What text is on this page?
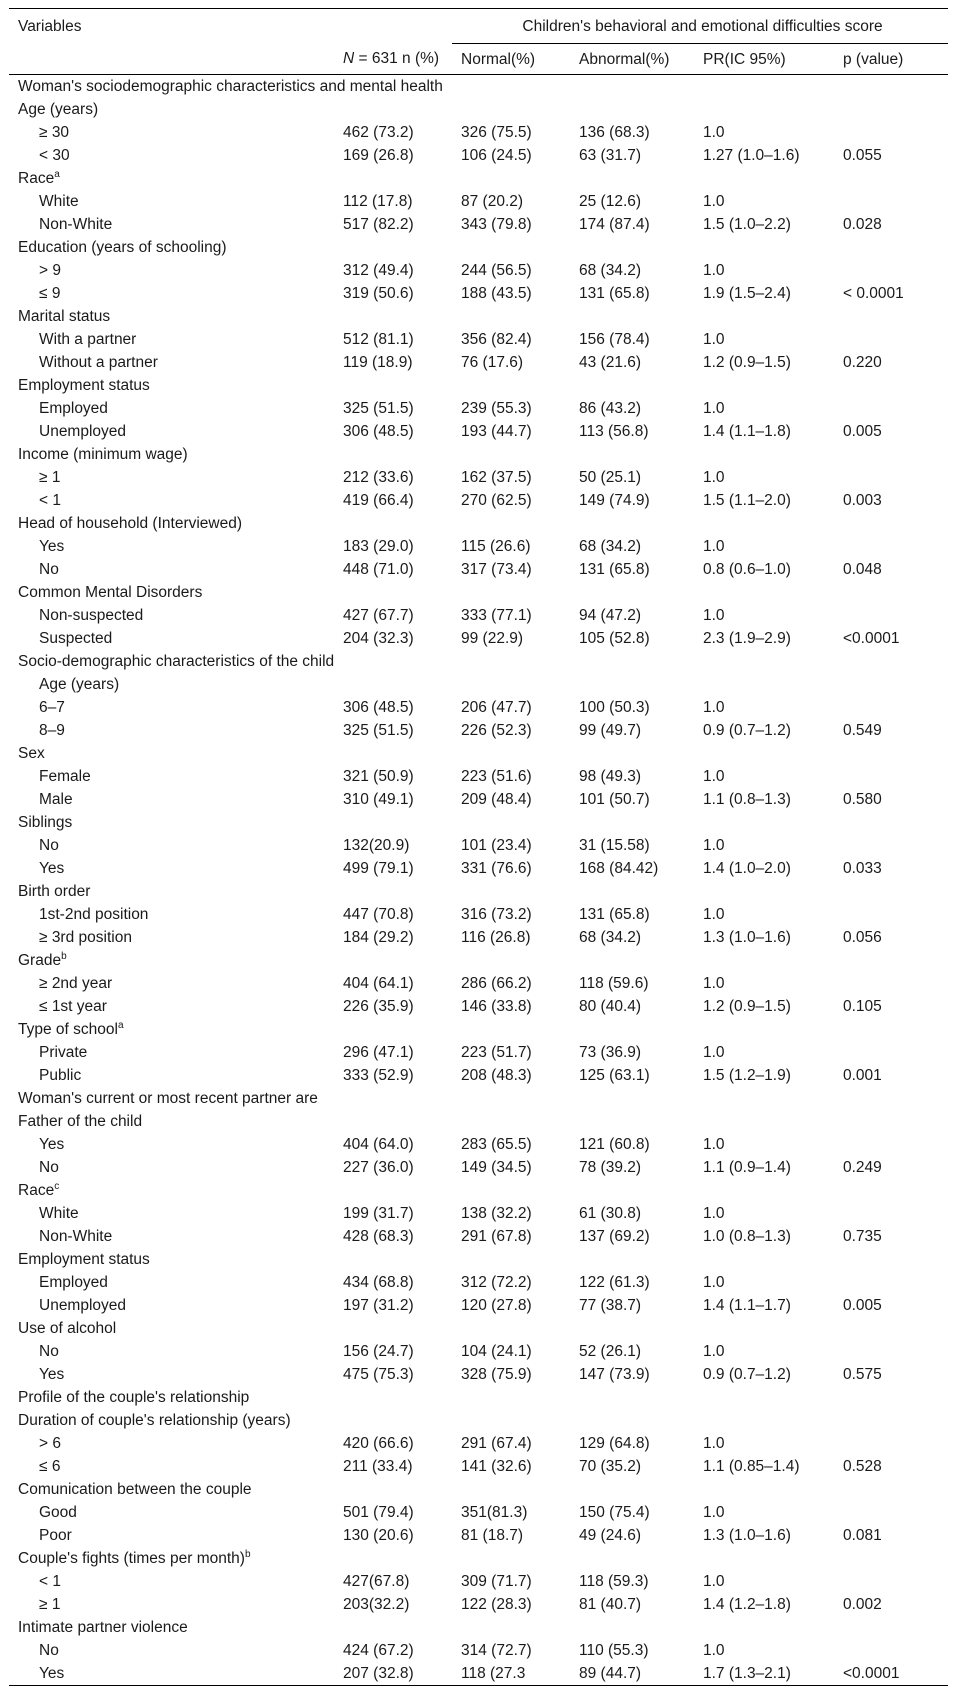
Variables		Children's behavioral and emotional difficulties score			
	N = 631 n (%)	Normal(%)	Abnormal(%)	PR(IC 95%)	p (value)
Woman's sociodemographic characteristics and mental health					
Age (years)					
≥ 30	462 (73.2)	326 (75.5)	136 (68.3)	1.0	
< 30	169 (26.8)	106 (24.5)	63 (31.7)	1.27 (1.0–1.6)	0.055
Race$^a$
White	112 (17.8)	87 (20.2)	25 (12.6)	1.0	
Non-White	517 (82.2)	343 (79.8)	174 (87.4)	1.5 (1.0–2.2)	0.028
Education (years of schooling)					
> 9	312 (49.4)	244 (56.5)	68 (34.2)	1.0	
≤ 9	319 (50.6)	188 (43.5)	131 (65.8)	1.9 (1.5–2.4)	< 0.0001
Marital status					
With a partner	512 (81.1)	356 (82.4)	156 (78.4)	1.0	
Without a partner	119 (18.9)	76 (17.6)	43 (21.6)	1.2 (0.9–1.5)	0.220
Employment status					
Employed	325 (51.5)	239 (55.3)	86 (43.2)	1.0	
Unemployed	306 (48.5)	193 (44.7)	113 (56.8)	1.4 (1.1–1.8)	0.005
Income (minimum wage)					
≥ 1	212 (33.6)	162 (37.5)	50 (25.1)	1.0	
< 1	419 (66.4)	270 (62.5)	149 (74.9)	1.5 (1.1–2.0)	0.003
Head of household (Interviewed)					
Yes	183 (29.0)	115 (26.6)	68 (34.2)	1.0	
No	448 (71.0)	317 (73.4)	131 (65.8)	0.8 (0.6–1.0)	0.048
Common Mental Disorders					
Non-suspected	427 (67.7)	333 (77.1)	94 (47.2)	1.0	
Suspected	204 (32.3)	99 (22.9)	105 (52.8)	2.3 (1.9–2.9)	<0.0001
Socio-demographic characteristics of the child					
Age (years)					
6–7	306 (48.5)	206 (47.7)	100 (50.3)	1.0	
8–9	325 (51.5)	226 (52.3)	99 (49.7)	0.9 (0.7–1.2)	0.549
Sex					
Female	321 (50.9)	223 (51.6)	98 (49.3)	1.0	
Male	310 (49.1)	209 (48.4)	101 (50.7)	1.1 (0.8–1.3)	0.580
Siblings					
No	132(20.9)	101 (23.4)	31 (15.58)	1.0	
Yes	499 (79.1)	331 (76.6)	168 (84.42)	1.4 (1.0–2.0)	0.033
Birth order					
1st-2nd position	447 (70.8)	316 (73.2)	131 (65.8)	1.0	
≥ 3rd position	184 (29.2)	116 (26.8)	68 (34.2)	1.3 (1.0–1.6)	0.056
Grade$^b$
≥ 2nd year	404 (64.1)	286 (66.2)	118 (59.6)	1.0	
≤ 1st year	226 (35.9)	146 (33.8)	80 (40.4)	1.2 (0.9–1.5)	0.105
Type of school$^a$
Private	296 (47.1)	223 (51.7)	73 (36.9)	1.0	
Public	333 (52.9)	208 (48.3)	125 (63.1)	1.5 (1.2–1.9)	0.001
Woman's current or most recent partner are					
Father of the child					
Yes	404 (64.0)	283 (65.5)	121 (60.8)	1.0	
No	227 (36.0)	149 (34.5)	78 (39.2)	1.1 (0.9–1.4)	0.249
Race$^c$
White	199 (31.7)	138 (32.2)	61 (30.8)	1.0	
Non-White	428 (68.3)	291 (67.8)	137 (69.2)	1.0 (0.8–1.3)	0.735
Employment status					
Employed	434 (68.8)	312 (72.2)	122 (61.3)	1.0	
Unemployed	197 (31.2)	120 (27.8)	77 (38.7)	1.4 (1.1–1.7)	0.005
Use of alcohol					
No	156 (24.7)	104 (24.1)	52 (26.1)	1.0	
Yes	475 (75.3)	328 (75.9)	147 (73.9)	0.9 (0.7–1.2)	0.575
Profile of the couple's relationship					
Duration of couple's relationship (years)					
> 6	420 (66.6)	291 (67.4)	129 (64.8)	1.0	
≤ 6	211 (33.4)	141 (32.6)	70 (35.2)	1.1 (0.85–1.4)	0.528
Comunication between the couple					
Good	501 (79.4)	351(81.3)	150 (75.4)	1.0	
Poor	130 (20.6)	81 (18.7)	49 (24.6)	1.3 (1.0–1.6)	0.081
Couple's fights (times per month)$^b$
< 1	427(67.8)	309 (71.7)	118 (59.3)	1.0	
≥ 1	203(32.2)	122 (28.3)	81 (40.7)	1.4 (1.2–1.8)	0.002
Intimate partner violence					
No	424 (67.2)	314 (72.7)	110 (55.3)	1.0	
Yes	207 (32.8)	118 (27.3	89 (44.7)	1.7 (1.3–2.1)	<0.0001
